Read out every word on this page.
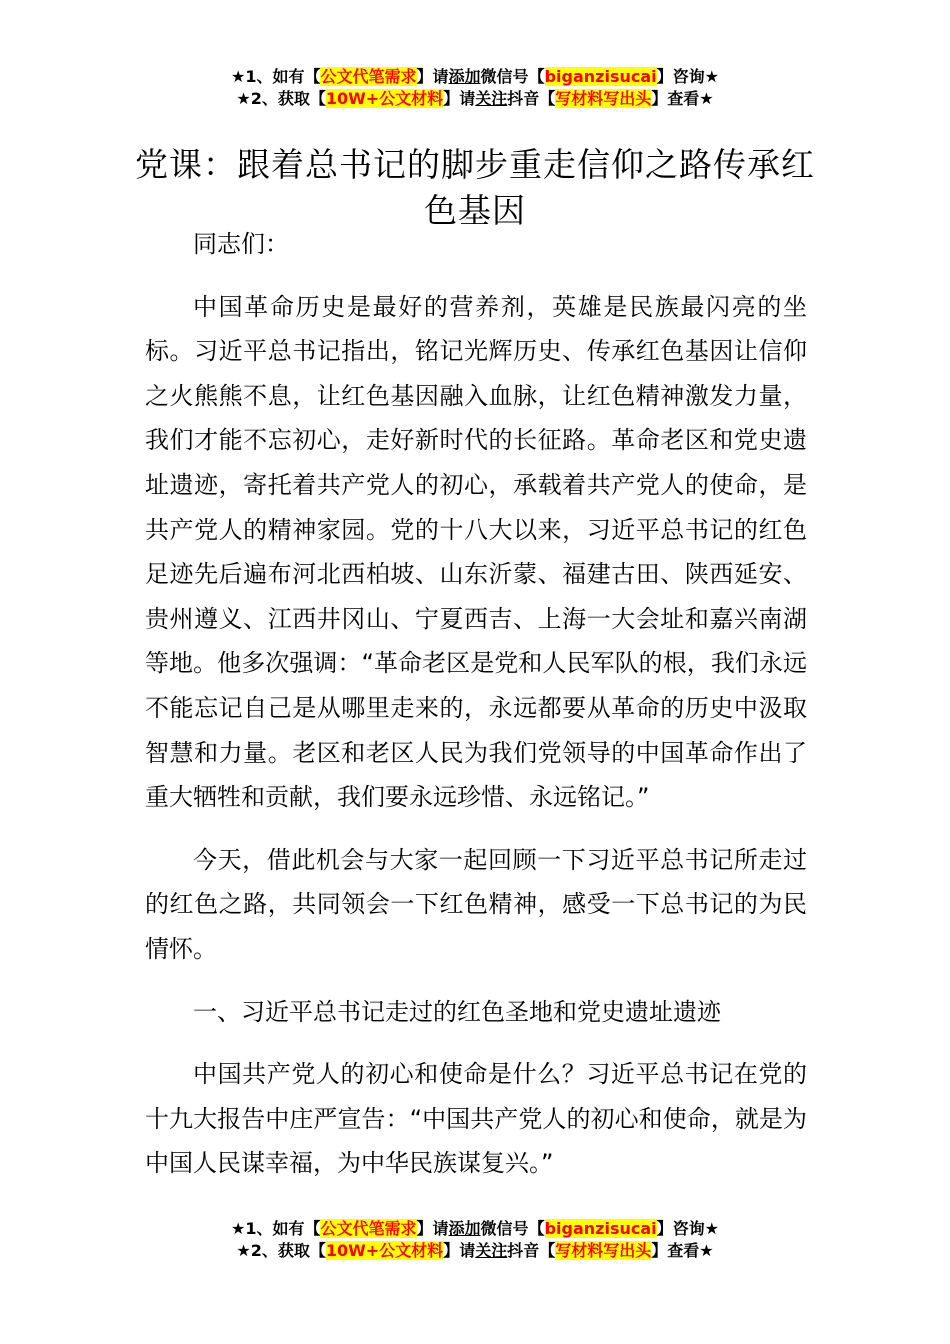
★1、如有【公文代笔需求】请添加微信号【biganzisucai】咨询★
★2、获取【10W+公文材料】请关注抖音【写材料写出头】查看★
党课：跟着总书记的脚步重走信仰之路传承红色基因

同志们：

中国革命历史是最好的营养剂，英雄是民族最闪亮的坐标。习近平总书记指出，铭记光辉历史、传承红色基因让信仰之火熊熊不息，让红色基因融入血脉，让红色精神激发力量，我们才能不忘初心，走好新时代的长征路。革命老区和党史遗址遗迹，寄托着共产党人的初心，承载着共产党人的使命，是共产党人的精神家园。党的十八大以来，习近平总书记的红色足迹先后遍布河北西柏坡、山东沂蒙、福建古田、陕西延安、贵州遵义、江西井冈山、宁夏西吉、上海一大会址和嘉兴南湖等地。他多次强调：“革命老区是党和人民军队的根，我们永远不能忘记自己是从哪里走来的，永远都要从革命的历史中汲取智慧和力量。老区和老区人民为我们党领导的中国革命作出了重大牺牲和贡献，我们要永远珍惜、永远铭记。”

今天，借此机会与大家一起回顾一下习近平总书记所走过的红色之路，共同领会一下红色精神，感受一下总书记的为民情怀。

一、习近平总书记走过的红色圣地和党史遗址遗迹

中国共产党人的初心和使命是什么？习近平总书记在党的十九大报告中庄严宣告：“中国共产党人的初心和使命，就是为中国人民谋幸福，为中华民族谋复兴。”

★1、如有【公文代笔需求】请添加微信号【biganzisucai】咨询★
★2、获取【10W+公文材料】请关注抖音【写材料写出头】查看★
